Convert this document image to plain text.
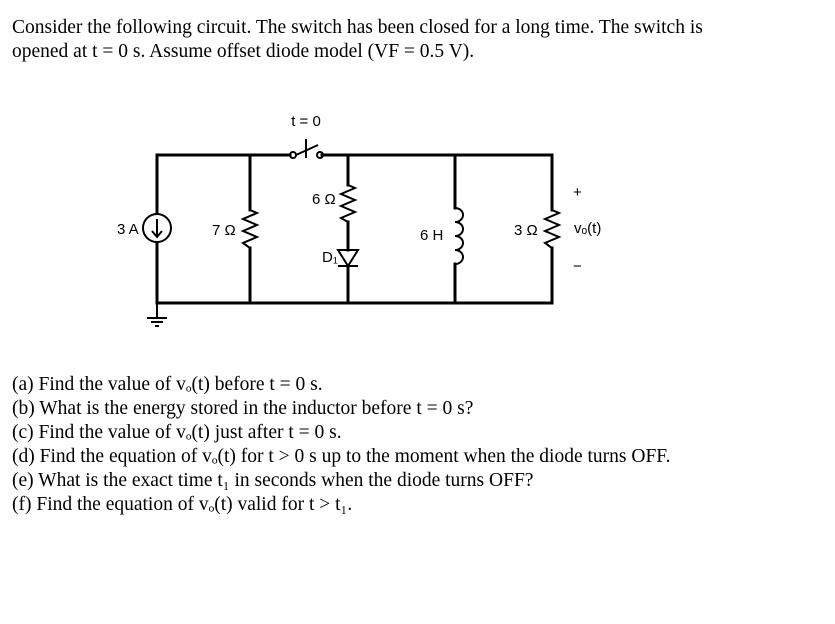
Consider the following circuit. The switch has been closed for a long time. The switch is

opened at t = 0 s. Assume offset diode model (VF = 0.5 V).

t = 0
3 A	7 Ω
6 Ω
D₁
6 H	3 Ω
+
vₒ(t)
−
(a) Find the value of vₒ(t) before t = 0 s.
(b) What is the energy stored in the inductor before t = 0 s?
(c) Find the value of vₒ(t) just after t = 0 s.
(d) Find the equation of vₒ(t) for t > 0 s up to the moment when the diode turns OFF.
(e) What is the exact time t₁ in seconds when the diode turns OFF?
(f) Find the equation of vₒ(t) valid for t > t₁.
